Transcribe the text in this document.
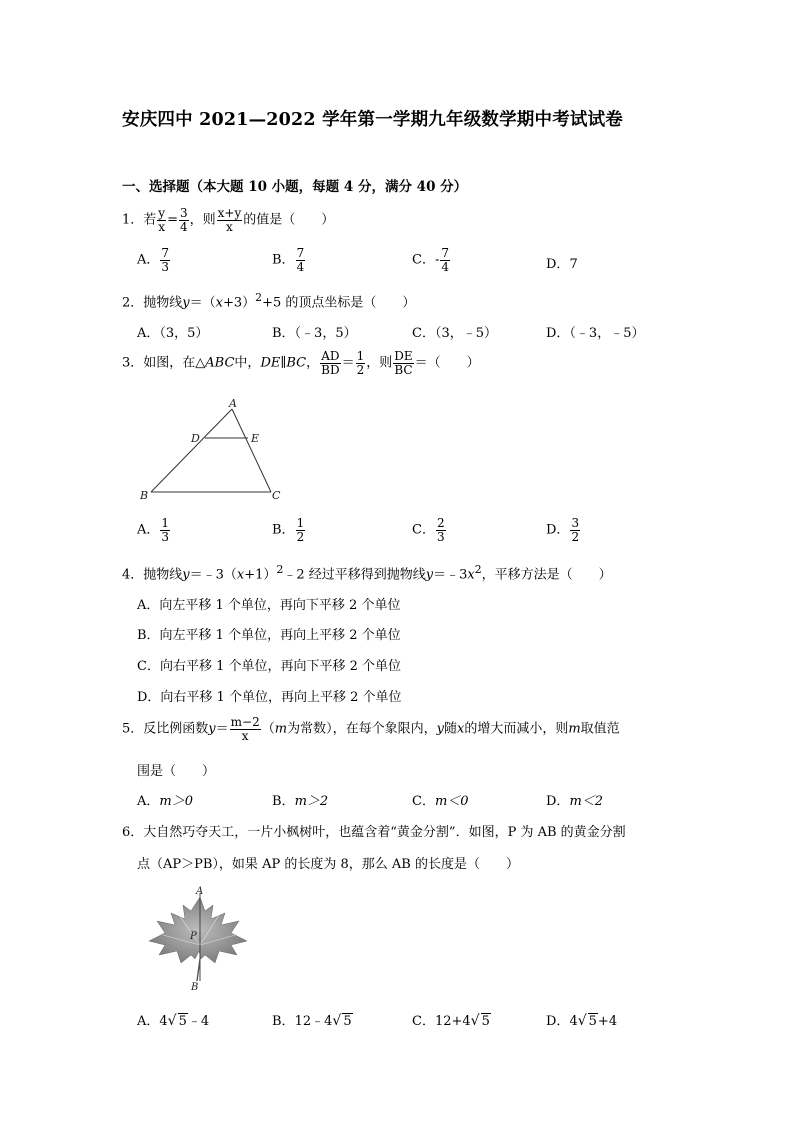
安庆四中 2021—2022 学年第一学期九年级数学期中考试试卷
一、选择题（本大题 10 小题，每题 4 分，满分 40 分）
1．若 $\frac{y}{x} = \frac{3}{4}$ ，则 $\frac{x+y}{x}$ 的值是（　　）
A． $\frac{7}{3}$	B． $\frac{7}{4}$	C．- $\frac{7}{4}$	D．7
2．抛物线$y=(x+3)^2+5$ 的顶点坐标是（　　）
A．（3，5）	B．（﹣3，5）	C．（3，﹣5）	D．（﹣3，﹣5）
3．如图，在△ABC中，DE∥BC， $\frac{AD}{BD} = \frac{1}{2}$ ，则 $\frac{DE}{BC}$ ＝（　　）
A
D	E
B	C
A． $\frac{1}{3}$	B． $\frac{1}{2}$	C． $\frac{2}{3}$	D． $\frac{3}{2}$
4．抛物线$y=﹣3(x+1)^2﹣2$ 经过平移得到抛物线$y=﹣3x^2$，平移方法是（　　）
A．向左平移 1 个单位，再向下平移 2 个单位
B．向左平移 1 个单位，再向上平移 2 个单位
C．向右平移 1 个单位，再向下平移 2 个单位
D．向右平移 1 个单位，再向上平移 2 个单位
5．反比例函数$y= \frac{m-2}{x} (m$为常数），在每个象限内，y随x的增大而减小，则m取值范
围是（　　）
A．m＞0	B．m＞2	C．m＜0	D．m＜2
6．大自然巧夺天工，一片小枫树叶，也蕴含着“黄金分割”．如图，P 为 AB 的黄金分割
点（AP＞PB），如果 AP 的长度为 8，那么 AB 的长度是（　　）
A
P
B
A．4√ 5﹣4	B．12﹣4√ 5	C．12+4√ 5	D．4√ 5+4
